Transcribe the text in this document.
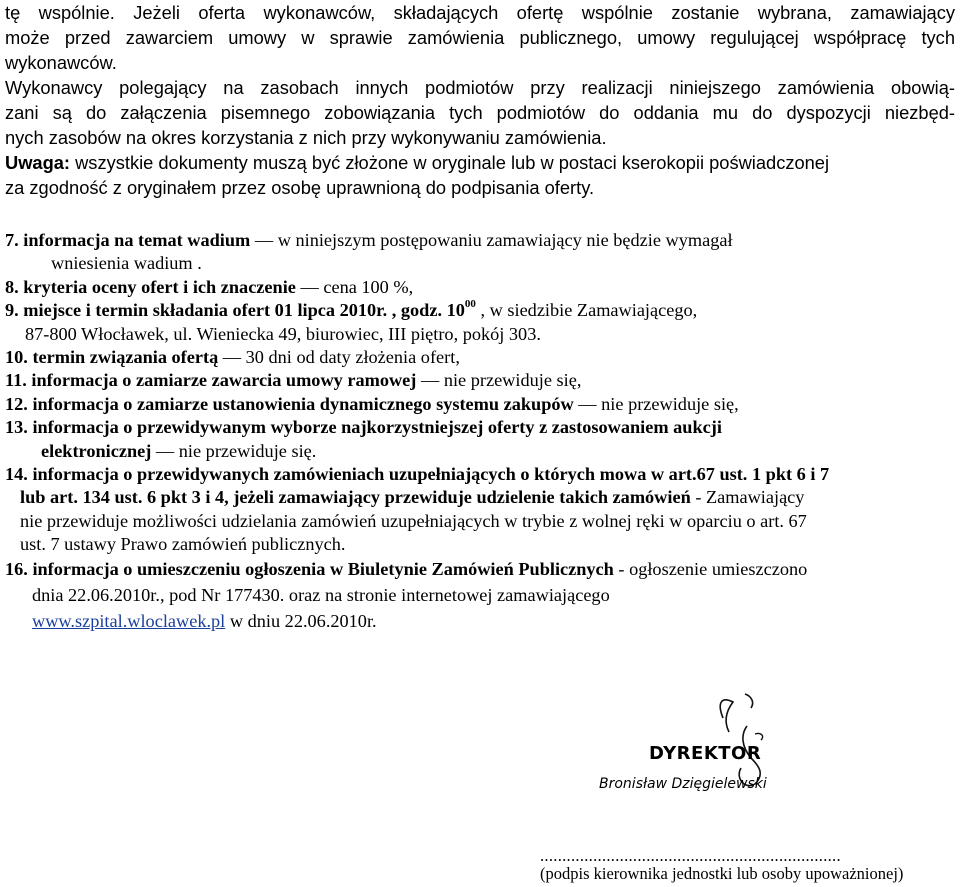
tę wspólnie. Jeżeli oferta wykonawców, składających ofertę wspólnie zostanie wybrana, zamawiający
może przed zawarciem umowy w sprawie zamówienia publicznego, umowy regulującej współpracę tych
wykonawców.
Wykonawcy polegający na zasobach innych podmiotów przy realizacji niniejszego zamówienia obowią-
zani są do załączenia pisemnego zobowiązania tych podmiotów do oddania mu do dyspozycji niezbęd-
nych zasobów na okres korzystania z nich przy wykonywaniu zamówienia.
Uwaga: wszystkie dokumenty muszą być złożone w oryginale lub w postaci kserokopii poświadczonej
za zgodność z oryginałem przez osobę uprawnioną do podpisania oferty.
7. informacja na temat wadium — w niniejszym postępowaniu zamawiający nie będzie wymagał
wniesienia wadium .
8. kryteria oceny ofert i ich znaczenie — cena 100 %,
9. miejsce i termin składania ofert 01 lipca 2010r. , godz. $10^{00}$ , w siedzibie Zamawiającego,
87-800 Włocławek, ul. Wieniecka 49, biurowiec, III piętro, pokój 303.
10. termin związania ofertą — 30 dni od daty złożenia ofert,
11. informacja o zamiarze zawarcia umowy ramowej — nie przewiduje się,
12. informacja o zamiarze ustanowienia dynamicznego systemu zakupów — nie przewiduje się,
13. informacja o przewidywanym wyborze najkorzystniejszej oferty z zastosowaniem aukcji
elektronicznej — nie przewiduje się.
14. informacja o przewidywanych zamówieniach uzupełniających o których mowa w art.67 ust. 1 pkt 6 i 7
lub art. 134 ust. 6 pkt 3 i 4, jeżeli zamawiający przewiduje udzielenie takich zamówień - Zamawiający
nie przewiduje możliwości udzielania zamówień uzupełniających w trybie z wolnej ręki w oparciu o art. 67
ust. 7 ustawy Prawo zamówień publicznych.
16. informacja o umieszczeniu ogłoszenia w Biuletynie Zamówień Publicznych - ogłoszenie umieszczono
dnia 22.06.2010r., pod Nr 177430. oraz na stronie internetowej zamawiającego
www.szpital.wloclawek.pl w dniu 22.06.2010r.
DYREKTOR
Bronisław Dzięgielewski
....................................................................
(podpis kierownika jednostki lub osoby upoważnionej)
